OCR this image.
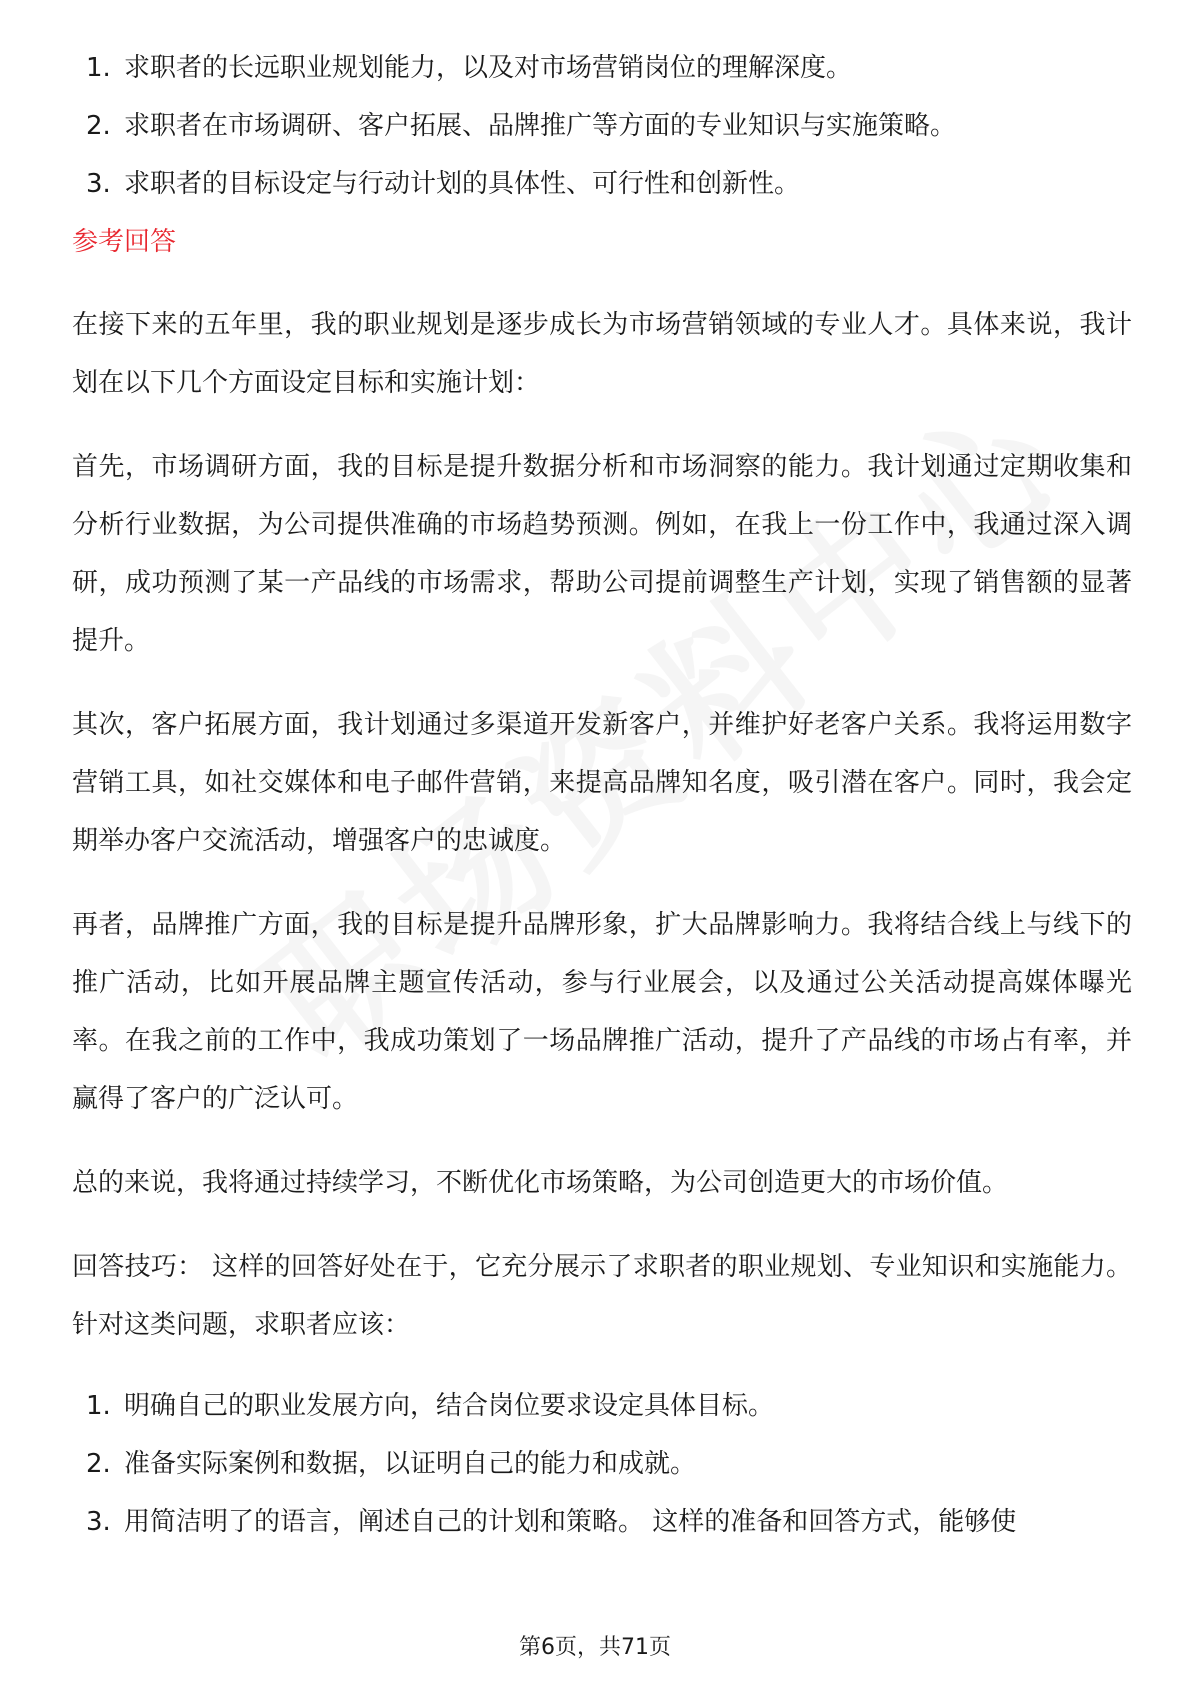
1. 求职者的长远职业规划能力，以及对市场营销岗位的理解深度。
2. 求职者在市场调研、客户拓展、品牌推广等方面的专业知识与实施策略。
3. 求职者的目标设定与行动计划的具体性、可行性和创新性。
参考回答

在接下来的五年里，我的职业规划是逐步成长为市场营销领域的专业人才。具体来说，我计划在以下几个方面设定目标和实施计划：

首先，市场调研方面，我的目标是提升数据分析和市场洞察的能力。我计划通过定期收集和分析行业数据，为公司提供准确的市场趋势预测。例如，在我上一份工作中，我通过深入调研，成功预测了某一产品线的市场需求，帮助公司提前调整生产计划，实现了销售额的显著提升。

其次，客户拓展方面，我计划通过多渠道开发新客户，并维护好老客户关系。我将运用数字营销工具，如社交媒体和电子邮件营销，来提高品牌知名度，吸引潜在客户。同时，我会定期举办客户交流活动，增强客户的忠诚度。

再者，品牌推广方面，我的目标是提升品牌形象，扩大品牌影响力。我将结合线上与线下的推广活动，比如开展品牌主题宣传活动，参与行业展会，以及通过公关活动提高媒体曝光率。在我之前的工作中，我成功策划了一场品牌推广活动，提升了产品线的市场占有率，并赢得了客户的广泛认可。

总的来说，我将通过持续学习，不断优化市场策略，为公司创造更大的市场价值。

回答技巧： 这样的回答好处在于，它充分展示了求职者的职业规划、专业知识和实施能力。针对这类问题，求职者应该：

1. 明确自己的职业发展方向，结合岗位要求设定具体目标。
2. 准备实际案例和数据，以证明自己的能力和成就。
3. 用简洁明了的语言，阐述自己的计划和策略。 这样的准备和回答方式，能够使
第6页，共71页
